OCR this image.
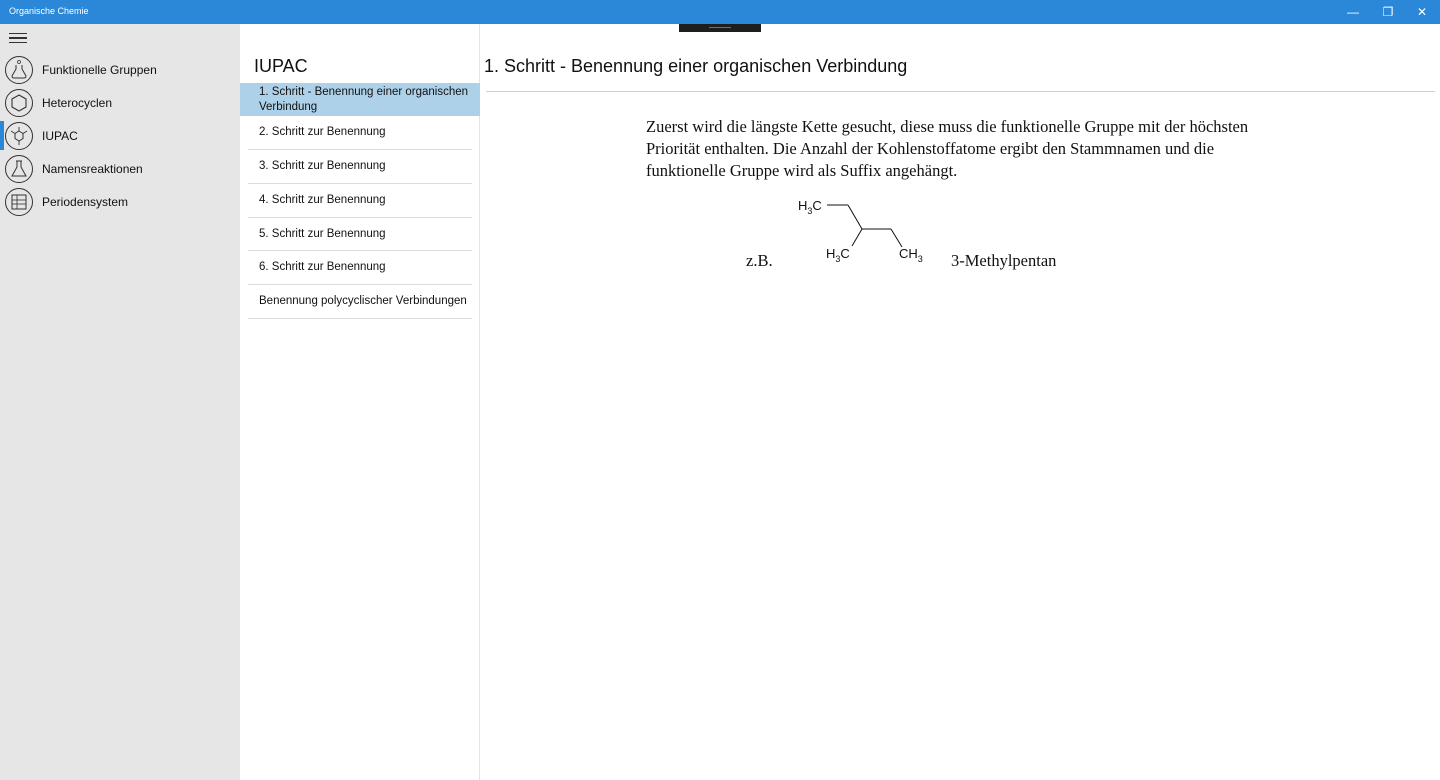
Organische Chemie	—	❐	✕
Funktionelle Gruppen
Heterocyclen
IUPAC
Namensreaktionen
Periodensystem
IUPAC
1. Schritt - Benennung einer organischen Verbindung
2. Schritt zur Benennung
3. Schritt zur Benennung
4. Schritt zur Benennung
5. Schritt zur Benennung
6. Schritt zur Benennung
Benennung polycyclischer Verbindungen
1. Schritt - Benennung einer organischen Verbindung
Zuerst wird die längste Kette gesucht, diese muss die funktionelle Gruppe mit der höchsten Priorität enthalten. Die Anzahl der Kohlenstoffatome ergibt den Stammnamen und die funktionelle Gruppe wird als Suffix angehängt.
z.B.
$H_3C$
$H_3C$	$CH_3$ 3-Methylpentan
